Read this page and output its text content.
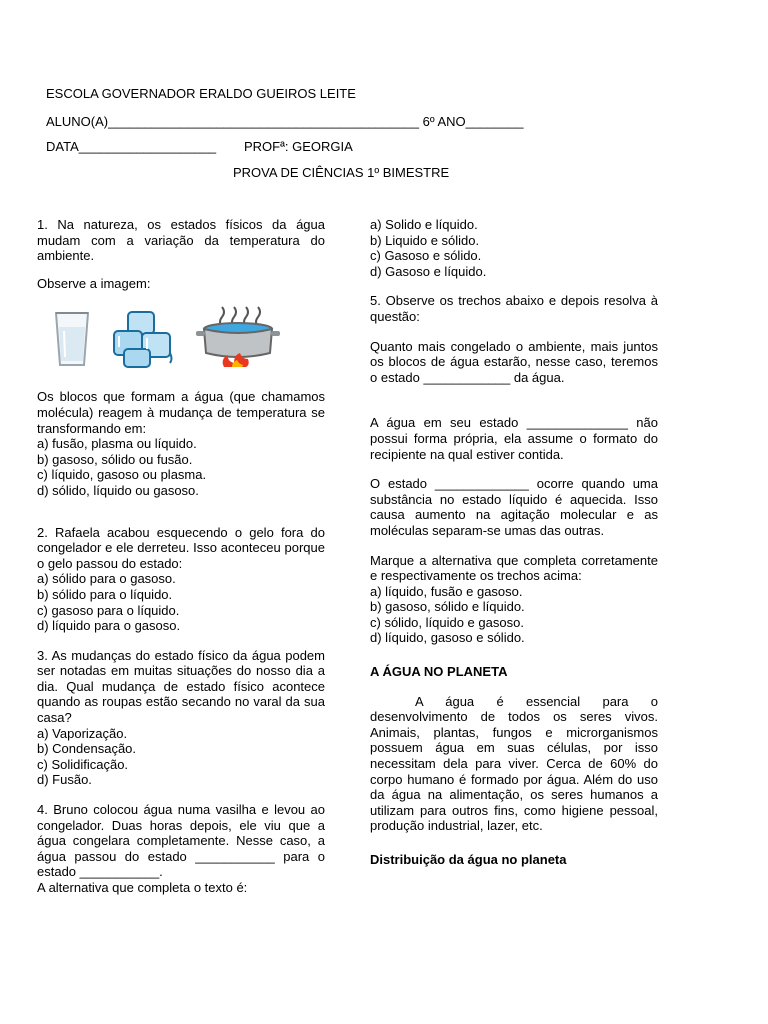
ESCOLA GOVERNADOR ERALDO GUEIROS LEITE
ALUNO(A)___________________________________________ 6º ANO________
DATA___________________ PROFª: GEORGIA
PROVA DE CIÊNCIAS 1º BIMESTRE

1. Na natureza, os estados físicos da água mudam com a variação da temperatura do ambiente.

Observe a imagem:

Os blocos que formam a água (que chamamos molécula) reagem à mudança de temperatura se transformando em:

a) fusão, plasma ou líquido.
b) gasoso, sólido ou fusão.
c) líquido, gasoso ou plasma.
d) sólido, líquido ou gasoso.

2. Rafaela acabou esquecendo o gelo fora do congelador e ele derreteu. Isso aconteceu porque o gelo passou do estado:

a) sólido para o gasoso.
b) sólido para o líquido.
c) gasoso para o líquido.
d) líquido para o gasoso.

3. As mudanças do estado físico da água podem ser notadas em muitas situações do nosso dia a dia. Qual mudança de estado físico acontece quando as roupas estão secando no varal da sua casa?

a) Vaporização.
b) Condensação.
c) Solidificação.
d) Fusão.

4. Bruno colocou água numa vasilha e levou ao congelador. Duas horas depois, ele viu que a água congelara completamente. Nesse caso, a água passou do estado ___________ para o estado ___________.

A alternativa que completa o texto é:

a) Solido e líquido.
b) Liquido e sólido.
c) Gasoso e sólido.
d) Gasoso e líquido.

5. Observe os trechos abaixo e depois resolva à questão:

Quanto mais congelado o ambiente, mais juntos os blocos de água estarão, nesse caso, teremos o estado ____________ da água.

A água em seu estado ______________ não possui forma própria, ela assume o formato do recipiente na qual estiver contida.

O estado _____________ ocorre quando uma substância no estado líquido é aquecida. Isso causa aumento na agitação molecular e as moléculas separam-se umas das outras.

Marque a alternativa que completa corretamente e respectivamente os trechos acima:

a) líquido, fusão e gasoso.
b) gasoso, sólido e líquido.
c) sólido, líquido e gasoso.
d) líquido, gasoso e sólido.

A ÁGUA NO PLANETA

A água é essencial para o desenvolvimento de todos os seres vivos. Animais, plantas, fungos e microrganismos possuem água em suas células, por isso necessitam dela para viver. Cerca de 60% do corpo humano é formado por água. Além do uso da água na alimentação, os seres humanos a utilizam para outros fins, como higiene pessoal, produção industrial, lazer, etc.

Distribuição da água no planeta
